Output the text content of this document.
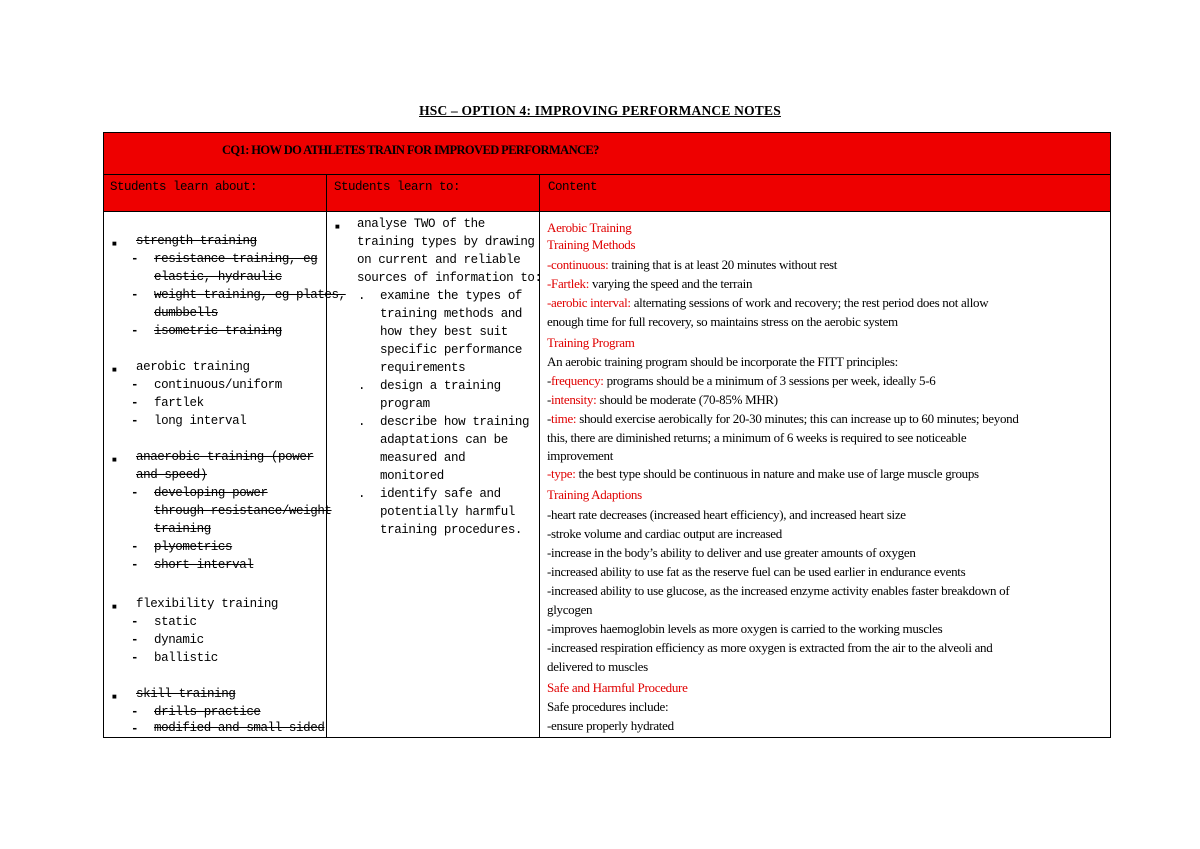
HSC – OPTION 4: IMPROVING PERFORMANCE NOTES
CQ1: HOW DO ATHLETES TRAIN FOR IMPROVED PERFORMANCE?
Students learn about:	Students learn to:	Content
■ strength training
- resistance training, eg
elastic, hydraulic
- weight training, eg plates,
dumbbells
- isometric training
■ aerobic training
- continuous/uniform
- fartlek
- long interval
■ anaerobic training (power
and speed)
- developing power
through resistance/weight
training
- plyometrics
- short interval
■ flexibility training
- static
- dynamic
- ballistic
■ skill training
- drills practice
- modified and small-sided
■ analyse TWO of the
training types by drawing
on current and reliable
sources of information to:
. examine the types of
training methods and
how they best suit
specific performance
requirements
. design a training
program
. describe how training
adaptations can be
measured and
monitored
. identify safe and
potentially harmful
training procedures.
Aerobic Training
Training Methods
-continuous: training that is at least 20 minutes without rest
-Fartlek: varying the speed and the terrain
-aerobic interval: alternating sessions of work and recovery; the rest period does not allow
enough time for full recovery, so maintains stress on the aerobic system
Training Program
An aerobic training program should be incorporate the FITT principles:
-frequency: programs should be a minimum of 3 sessions per week, ideally 5-6
-intensity: should be moderate (70-85% MHR)
-time: should exercise aerobically for 20-30 minutes; this can increase up to 60 minutes; beyond
this, there are diminished returns; a minimum of 6 weeks is required to see noticeable
improvement
-type: the best type should be continuous in nature and make use of large muscle groups
Training Adaptions
-heart rate decreases (increased heart efficiency), and increased heart size
-stroke volume and cardiac output are increased
-increase in the body’s ability to deliver and use greater amounts of oxygen
-increased ability to use fat as the reserve fuel can be used earlier in endurance events
-increased ability to use glucose, as the increased enzyme activity enables faster breakdown of
glycogen
-improves haemoglobin levels as more oxygen is carried to the working muscles
-increased respiration efficiency as more oxygen is extracted from the air to the alveoli and
delivered to muscles
Safe and Harmful Procedure
Safe procedures include:
-ensure properly hydrated
